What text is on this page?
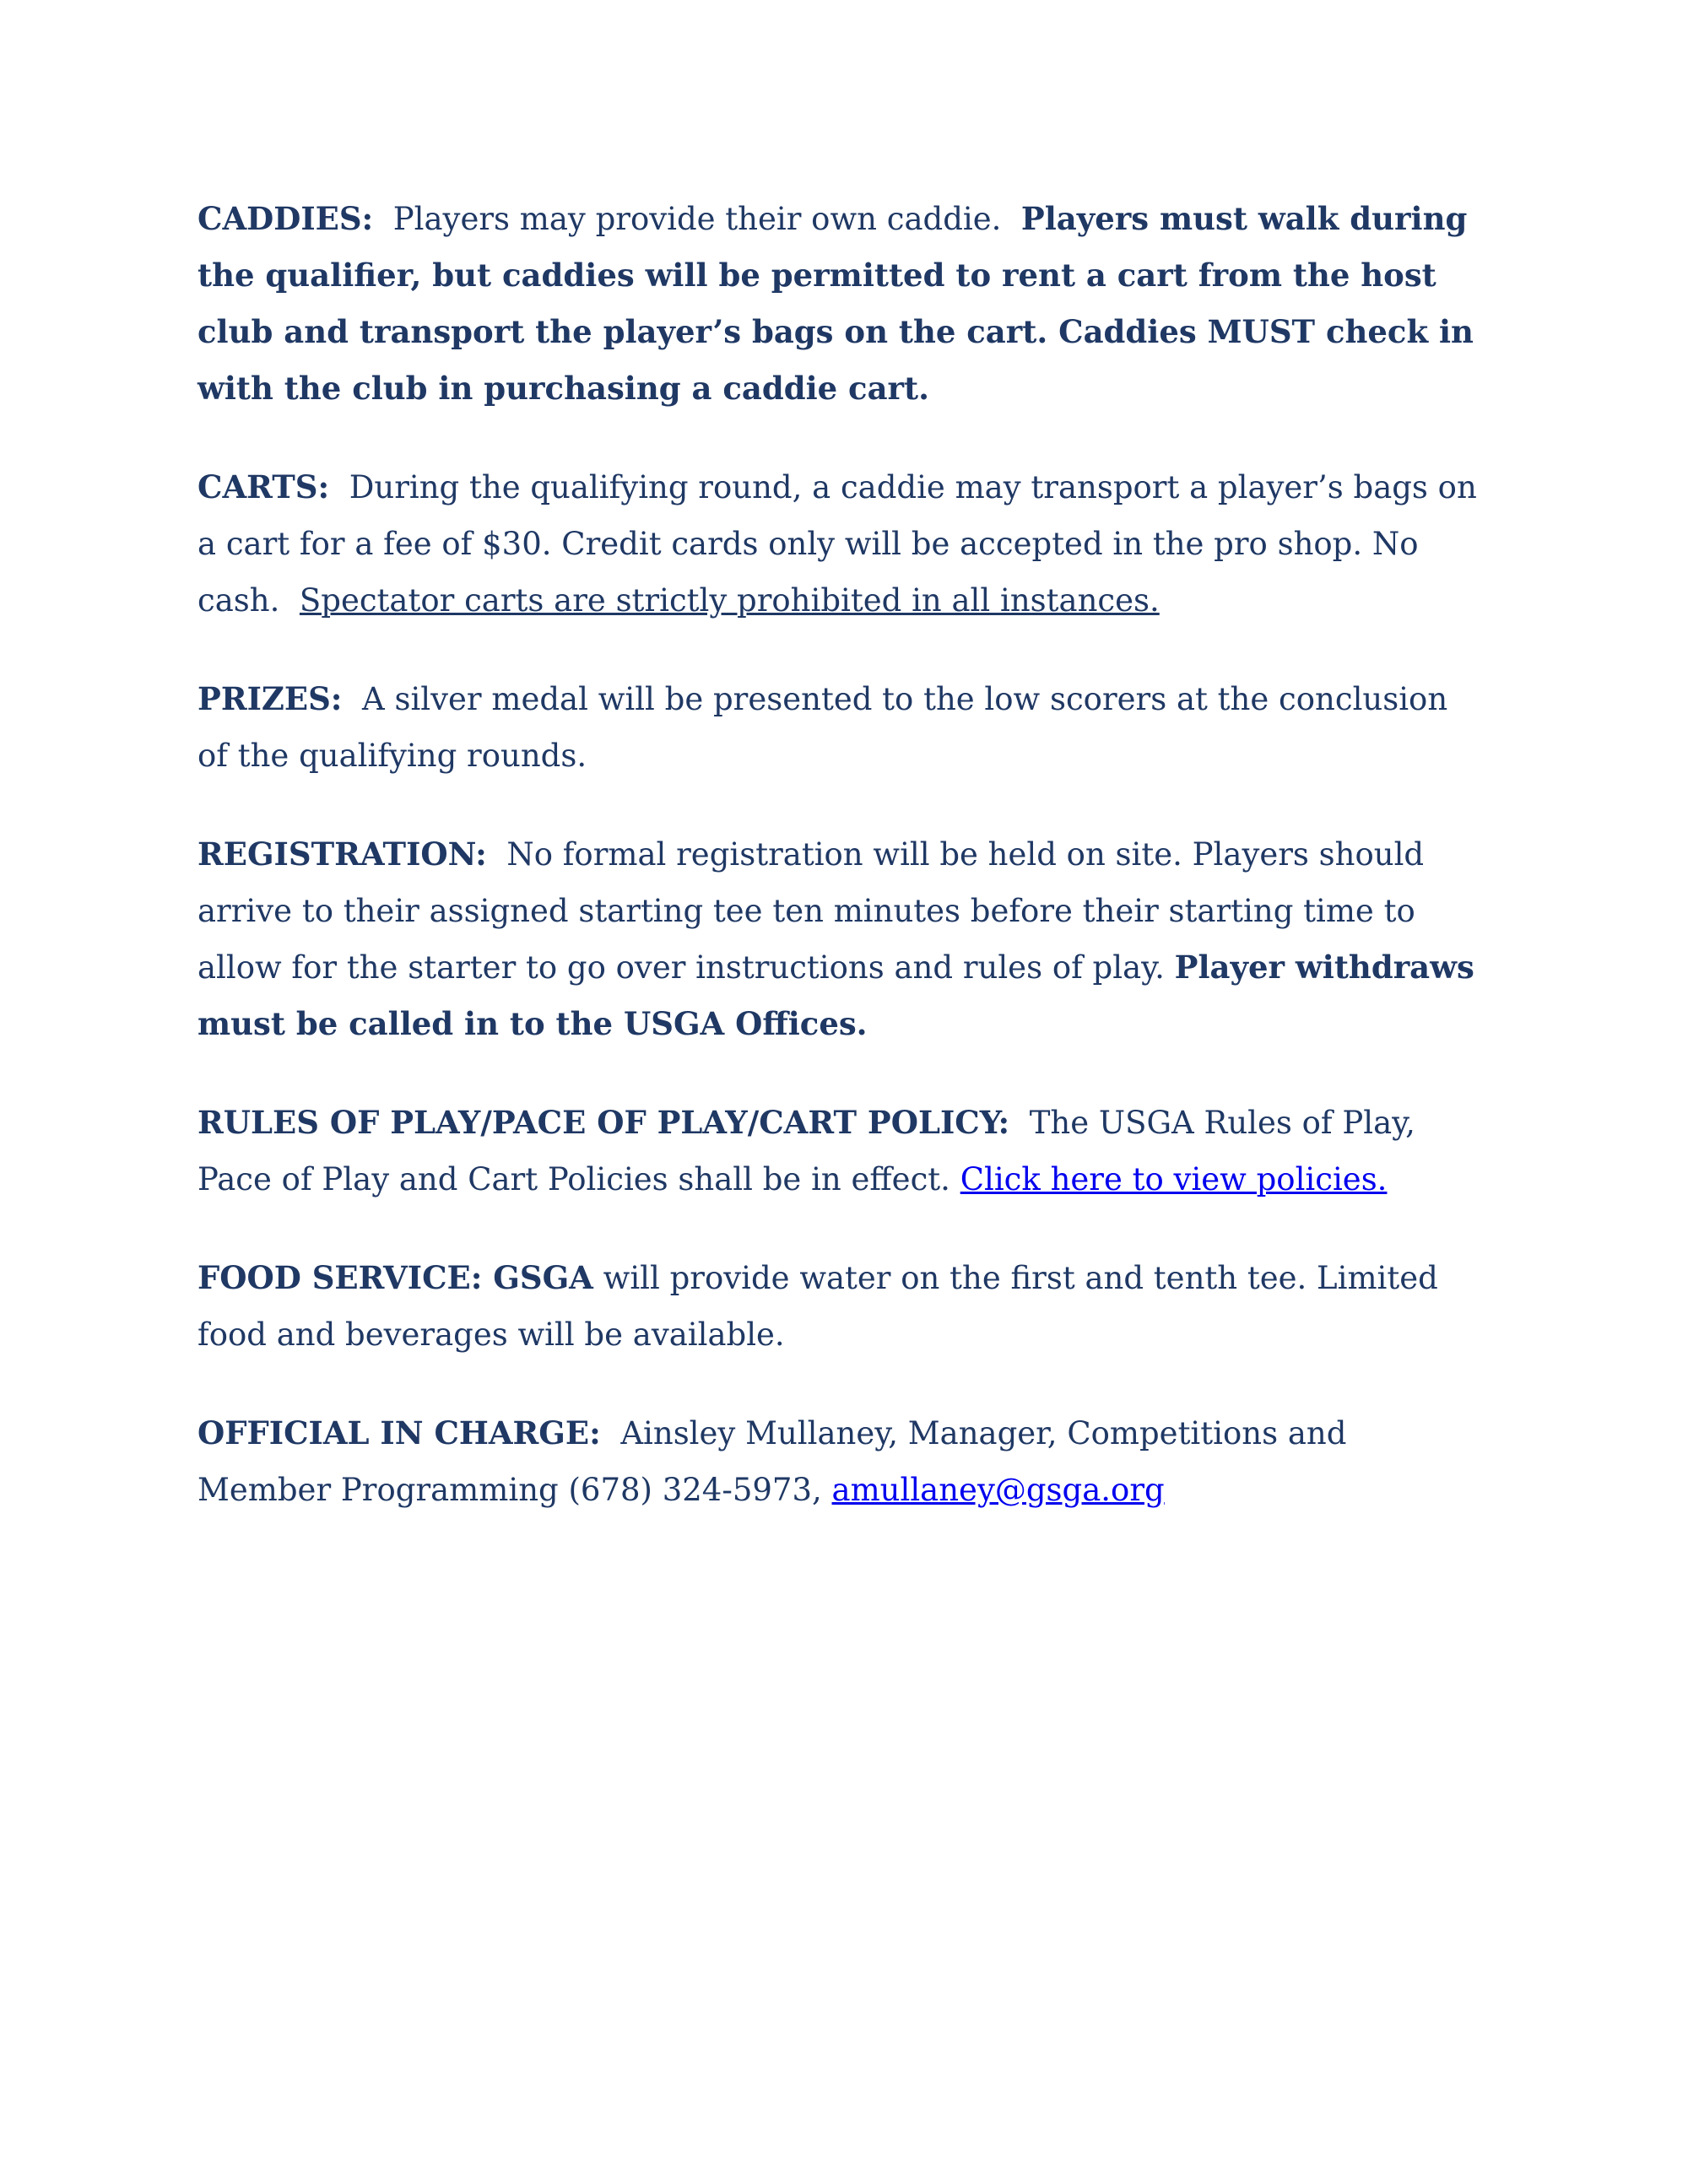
CADDIES: Players may provide their own caddie. Players must walk during the qualifier, but caddies will be permitted to rent a cart from the host club and transport the player’s bags on the cart. Caddies MUST check in with the club in purchasing a caddie cart.

CARTS: During the qualifying round, a caddie may transport a player’s bags on a cart for a fee of $30. Credit cards only will be accepted in the pro shop. No cash. Spectator carts are strictly prohibited in all instances.

PRIZES: A silver medal will be presented to the low scorers at the conclusion of the qualifying rounds.

REGISTRATION: No formal registration will be held on site. Players should arrive to their assigned starting tee ten minutes before their starting time to allow for the starter to go over instructions and rules of play. Player withdraws must be called in to the USGA Offices.

RULES OF PLAY/PACE OF PLAY/CART POLICY: The USGA Rules of Play, Pace of Play and Cart Policies shall be in effect. Click here to view policies.

FOOD SERVICE: GSGA will provide water on the first and tenth tee. Limited food and beverages will be available.

OFFICIAL IN CHARGE: Ainsley Mullaney, Manager, Competitions and Member Programming (678) 324-5973, amullaney@gsga.org
